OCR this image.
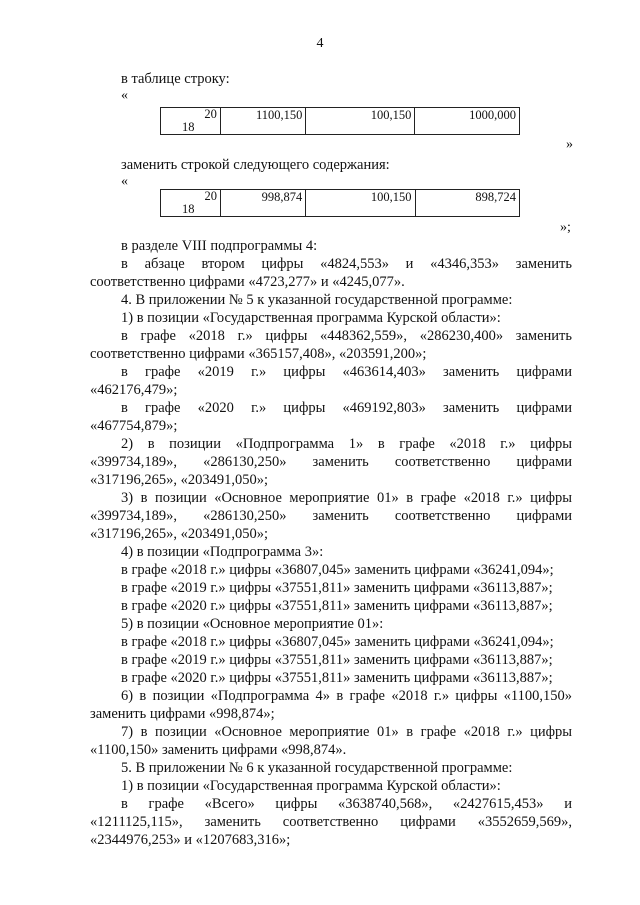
4
в таблице строку:
«
20
18
	1100,150	100,150	1000,000
»
заменить строкой следующего содержания:
«
20
18
	998,874	100,150	898,724
»;
в разделе VIII подпрограммы 4:
в абзаце втором цифры «4824,553» и «4346,353» заменить
соответственно цифрами «4723,277» и «4245,077».
4. В приложении № 5 к указанной государственной программе:
1) в позиции «Государственная программа Курской области»:
в графе «2018 г.» цифры «448362,559», «286230,400» заменить
соответственно цифрами «365157,408», «203591,200»;
в графе «2019 г.» цифры «463614,403» заменить цифрами
«462176,479»;
в графе «2020 г.» цифры «469192,803» заменить цифрами
«467754,879»;
2) в позиции «Подпрограмма 1» в графе «2018 г.» цифры
«399734,189», «286130,250» заменить соответственно цифрами
«317196,265», «203491,050»;
3) в позиции «Основное мероприятие 01» в графе «2018 г.» цифры
«399734,189», «286130,250» заменить соответственно цифрами
«317196,265», «203491,050»;
4) в позиции «Подпрограмма 3»:
в графе «2018 г.» цифры «36807,045» заменить цифрами «36241,094»;
в графе «2019 г.» цифры «37551,811» заменить цифрами «36113,887»;
в графе «2020 г.» цифры «37551,811» заменить цифрами «36113,887»;
5) в позиции «Основное мероприятие 01»:
в графе «2018 г.» цифры «36807,045» заменить цифрами «36241,094»;
в графе «2019 г.» цифры «37551,811» заменить цифрами «36113,887»;
в графе «2020 г.» цифры «37551,811» заменить цифрами «36113,887»;
6) в позиции «Подпрограмма 4» в графе «2018 г.» цифры «1100,150»
заменить цифрами «998,874»;
7) в позиции «Основное мероприятие 01» в графе «2018 г.» цифры
«1100,150» заменить цифрами «998,874».
5. В приложении № 6 к указанной государственной программе:
1) в позиции «Государственная программа Курской области»:
в графе «Всего» цифры «3638740,568», «2427615,453» и
«1211125,115», заменить соответственно цифрами «3552659,569»,
«2344976,253» и «1207683,316»;
